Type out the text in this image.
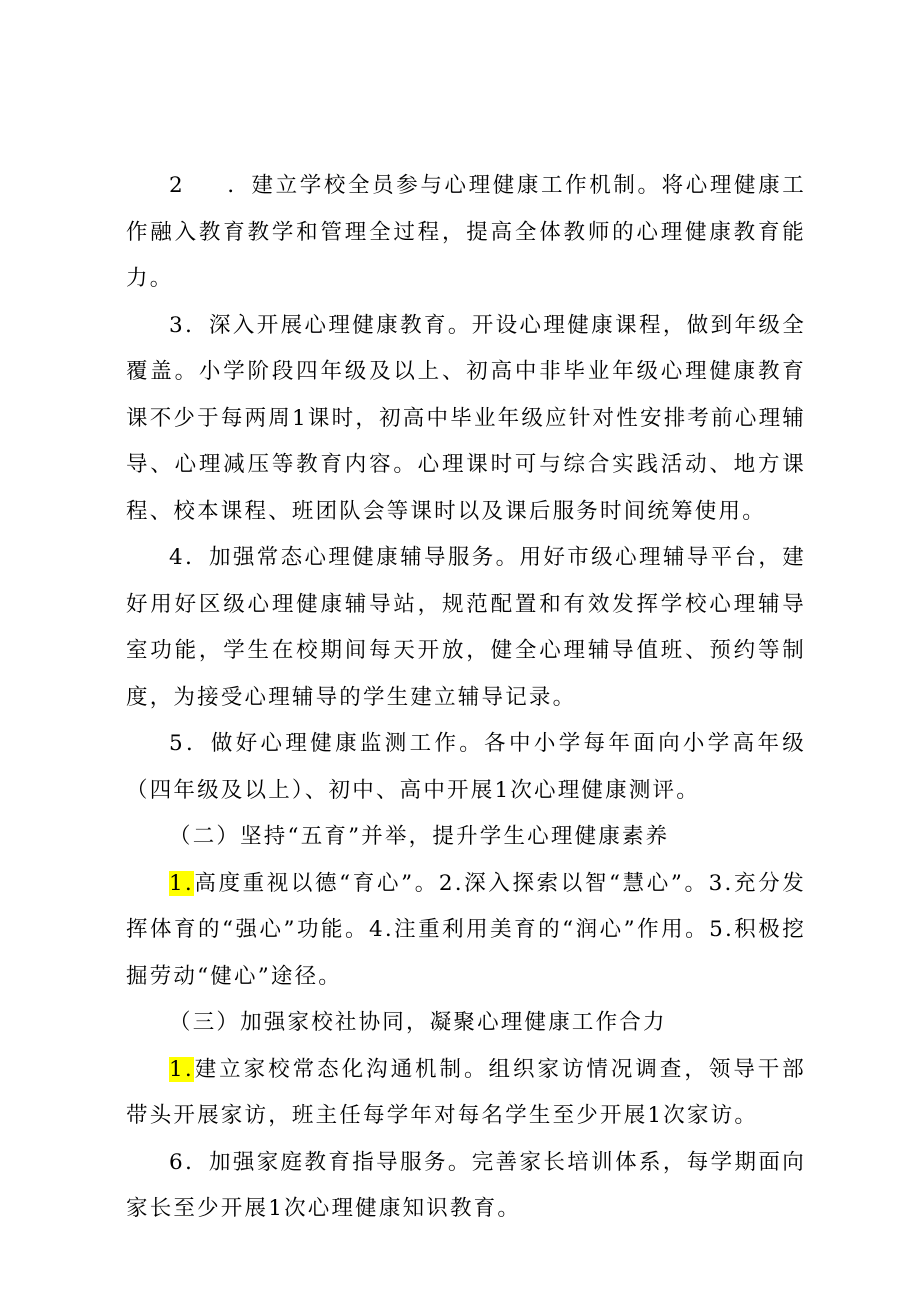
2 ．建立学校全员参与心理健康工作机制。将心理健康工作融入教育教学和管理全过程，提高全体教师的心理健康教育能力。

3．深入开展心理健康教育。开设心理健康课程，做到年级全覆盖。小学阶段四年级及以上、初高中非毕业年级心理健康教育课不少于每两周1课时，初高中毕业年级应针对性安排考前心理辅导、心理减压等教育内容。心理课时可与综合实践活动、地方课程、校本课程、班团队会等课时以及课后服务时间统筹使用。

4．加强常态心理健康辅导服务。用好市级心理辅导平台，建好用好区级心理健康辅导站，规范配置和有效发挥学校心理辅导室功能，学生在校期间每天开放，健全心理辅导值班、预约等制度，为接受心理辅导的学生建立辅导记录。

5．做好心理健康监测工作。各中小学每年面向小学高年级（四年级及以上）、初中、高中开展1次心理健康测评。

（二）坚持“五育”并举，提升学生心理健康素养

1.高度重视以德“育心”。2.深入探索以智“慧心”。3.充分发挥体育的“强心”功能。4.注重利用美育的“润心”作用。5.积极挖掘劳动“健心”途径。

（三）加强家校社协同，凝聚心理健康工作合力

1.建立家校常态化沟通机制。组织家访情况调查，领导干部带头开展家访，班主任每学年对每名学生至少开展1次家访。

6．加强家庭教育指导服务。完善家长培训体系，每学期面向家长至少开展1次心理健康知识教育。
